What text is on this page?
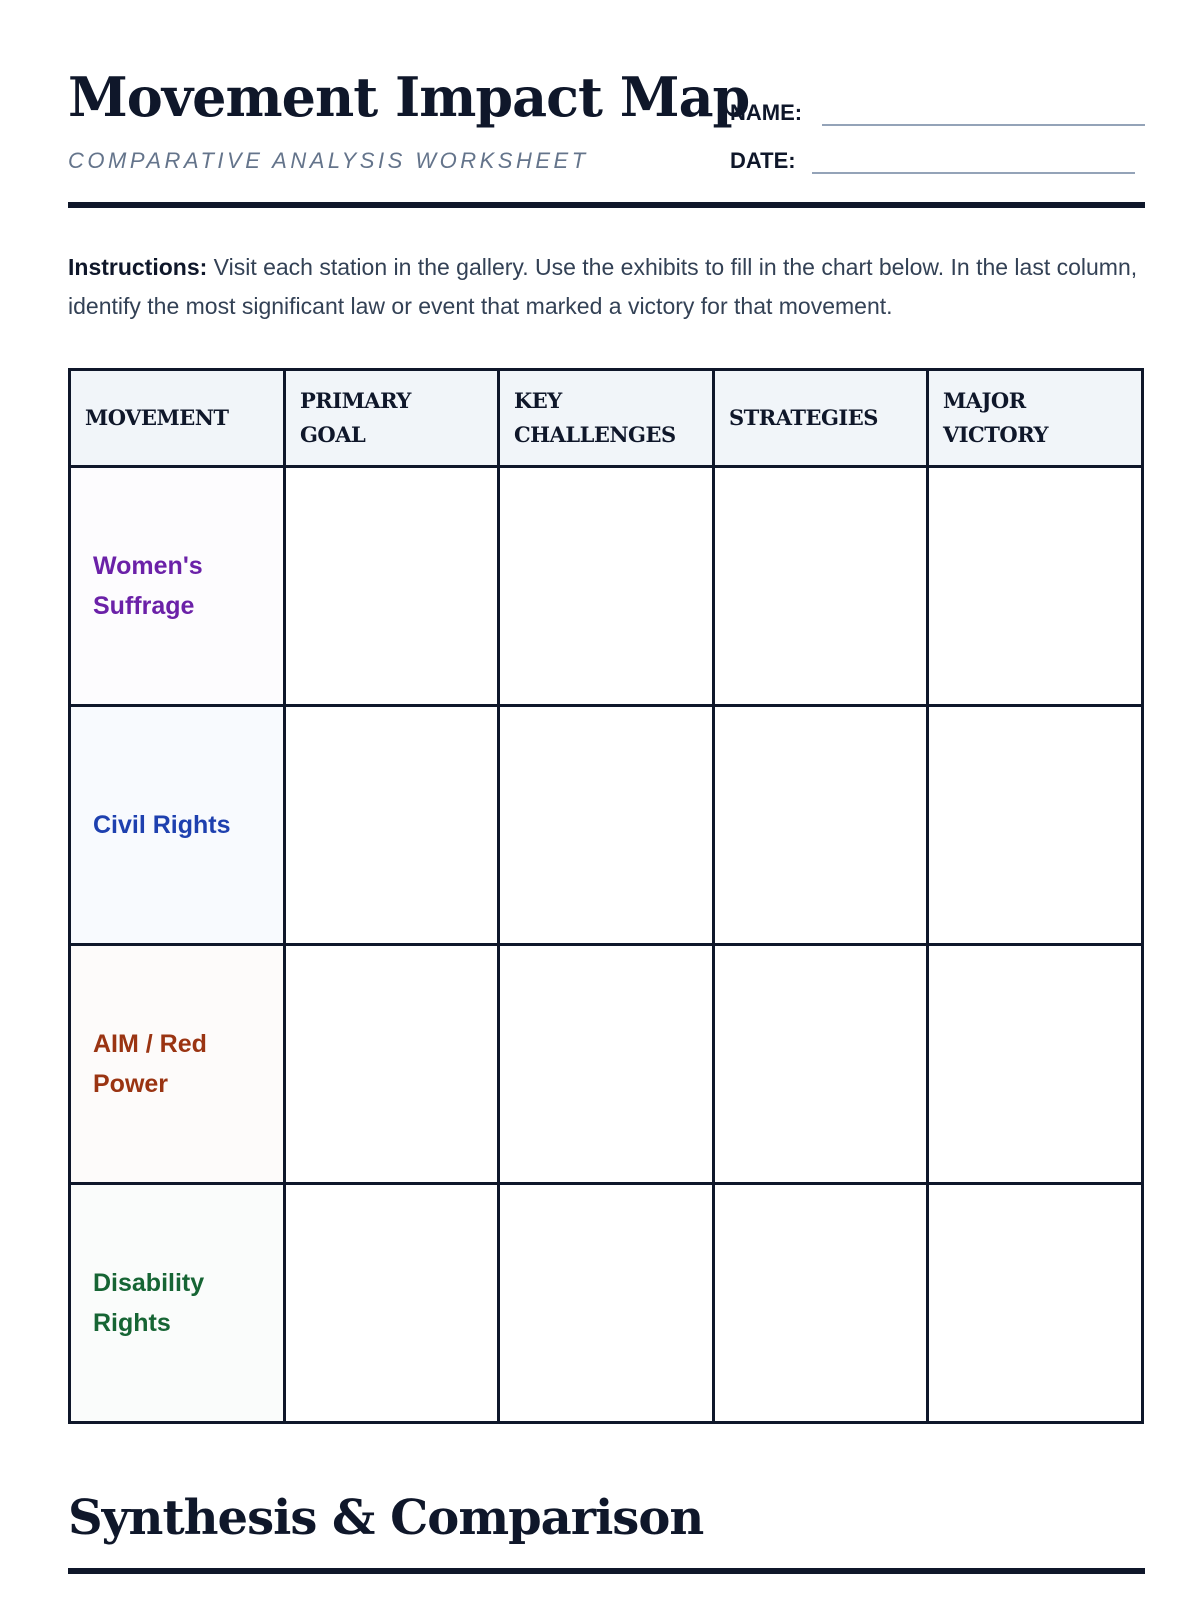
Movement Impact Map
COMPARATIVE ANALYSIS WORKSHEET
NAME:
DATE:

Instructions: Visit each station in the gallery. Use the exhibits to fill in the chart below. In the last column, identify the most significant law or event that marked a victory for that movement.

MOVEMENT	PRIMARY GOAL	KEY CHALLENGES	STRATEGIES	MAJOR VICTORY
Women's Suffrage				
Civil Rights				
AIM / Red Power				
Disability Rights				
Synthesis & Comparison
